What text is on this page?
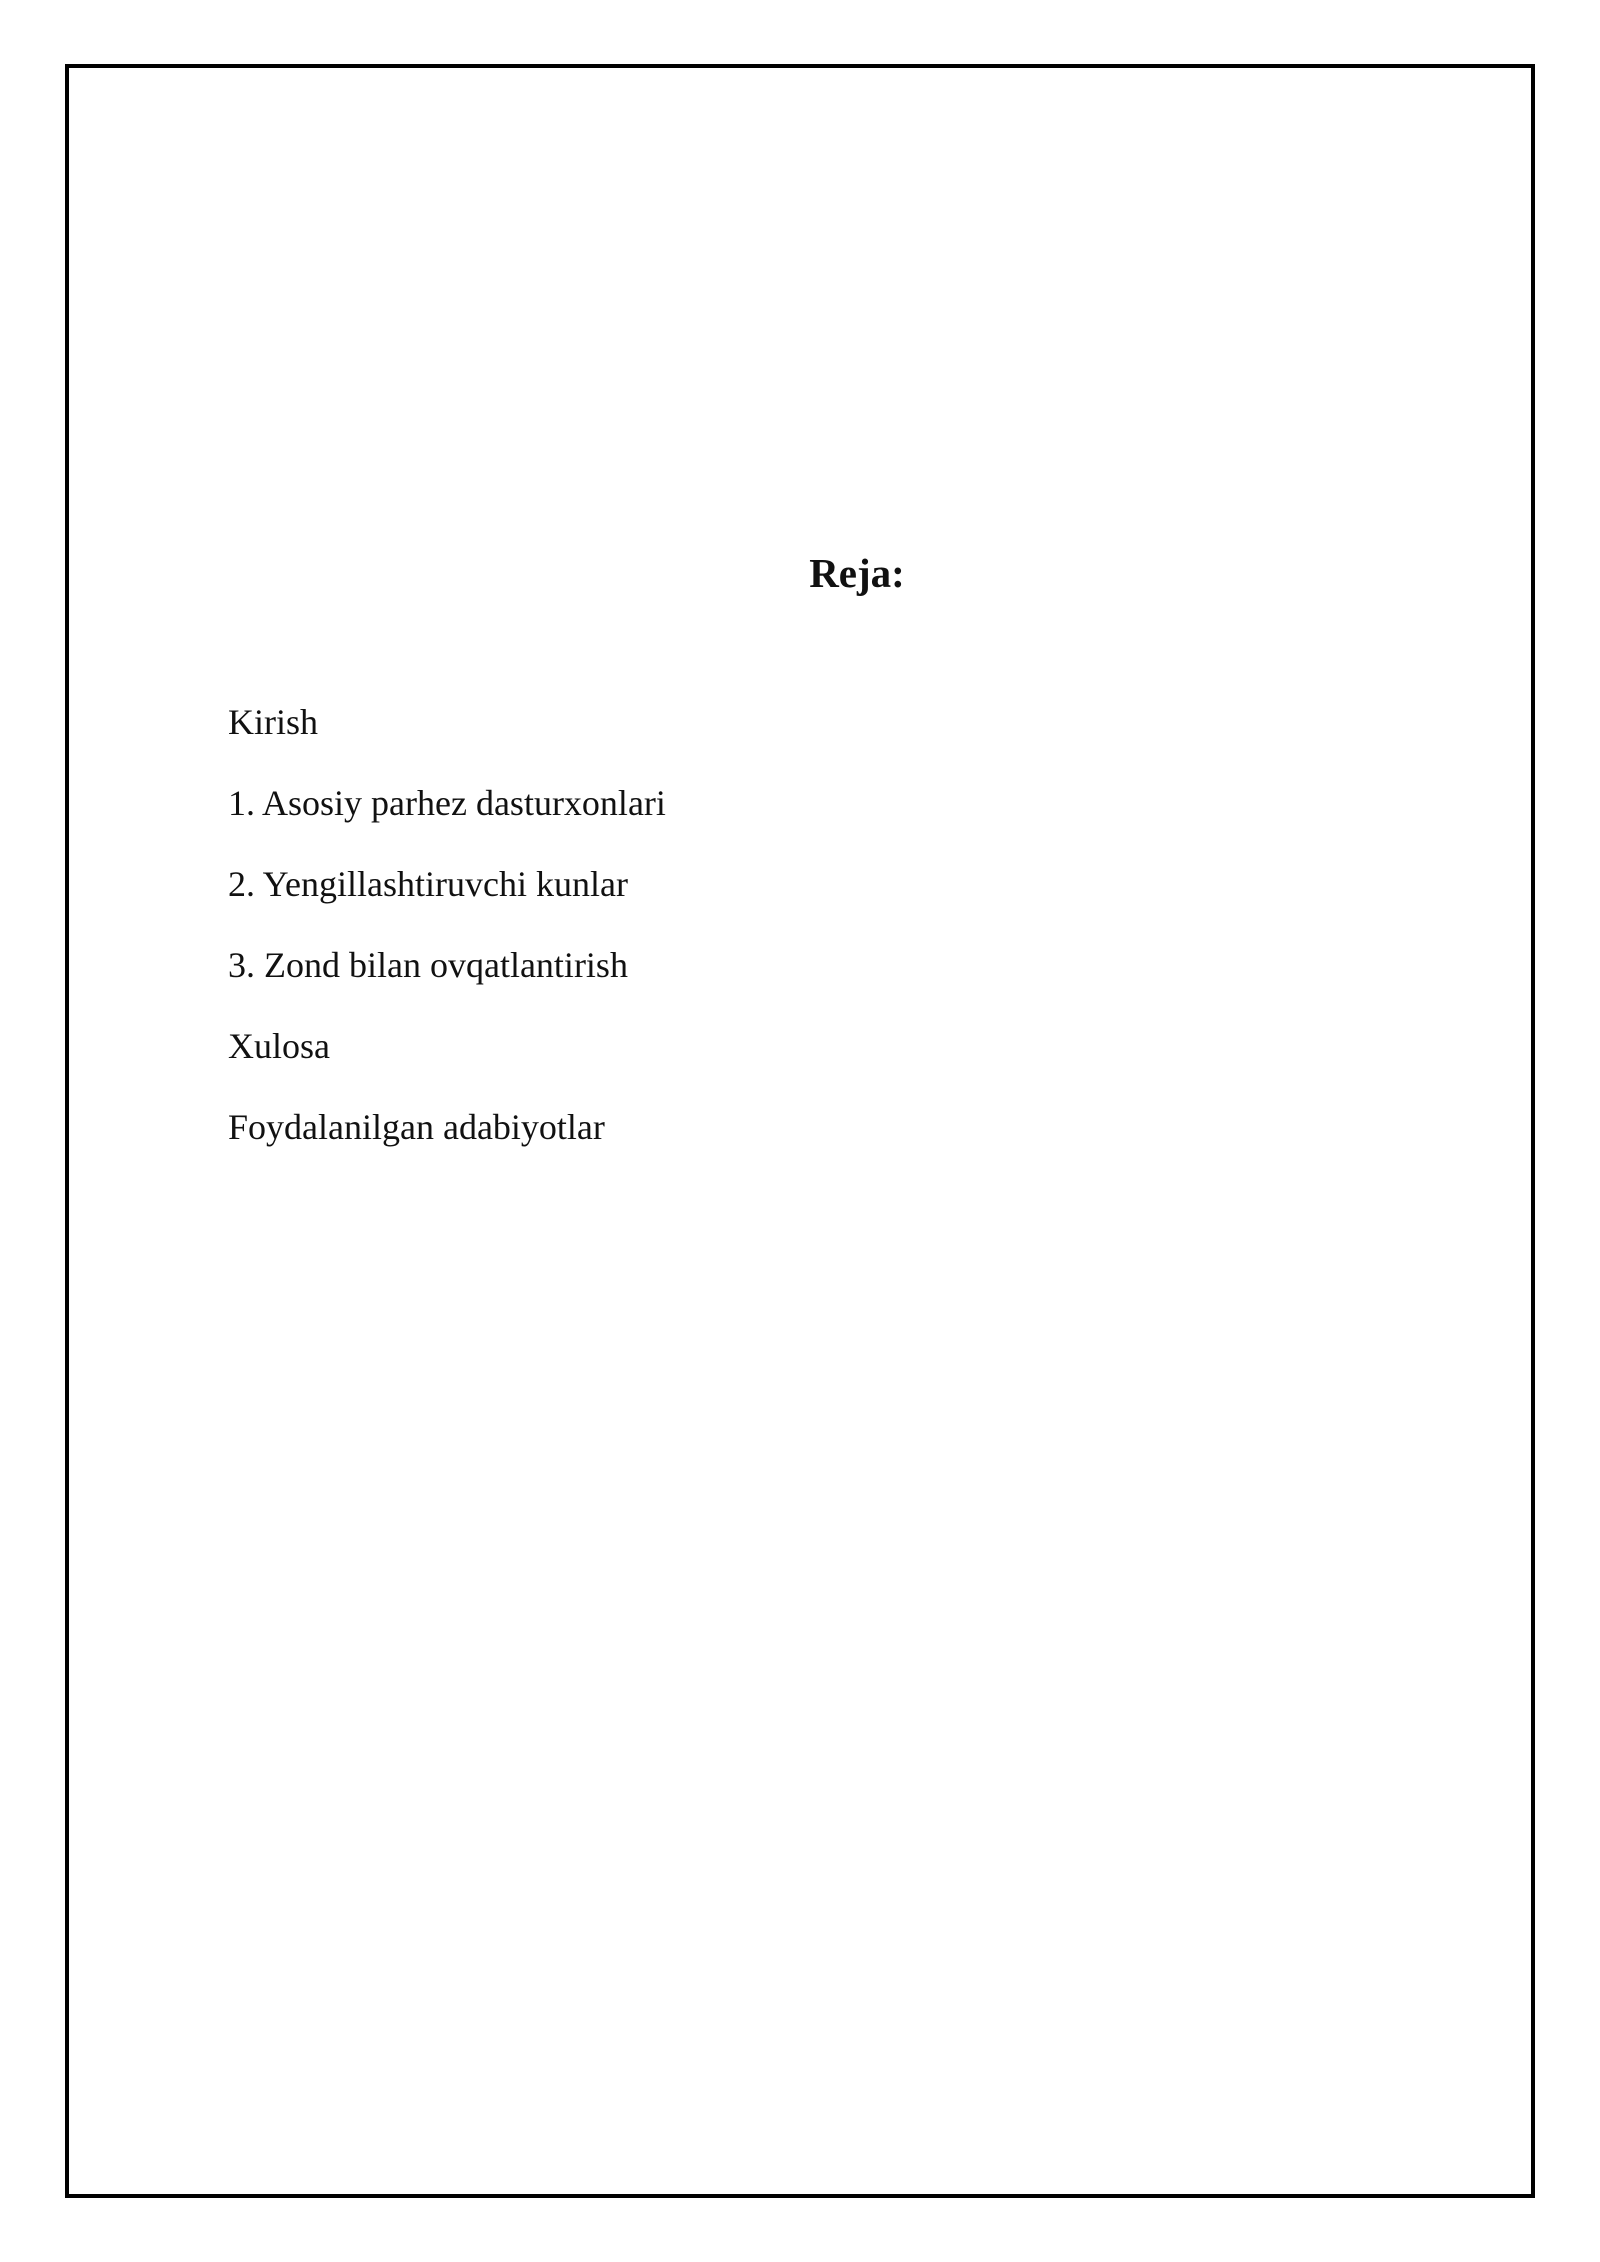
Reja:
Kirish
1. Asosiy parhez dasturxonlari
2. Yengillashtiruvchi kunlar
3. Zond bilan ovqatlantirish
Xulosa
Foydalanilgan adabiyotlar
